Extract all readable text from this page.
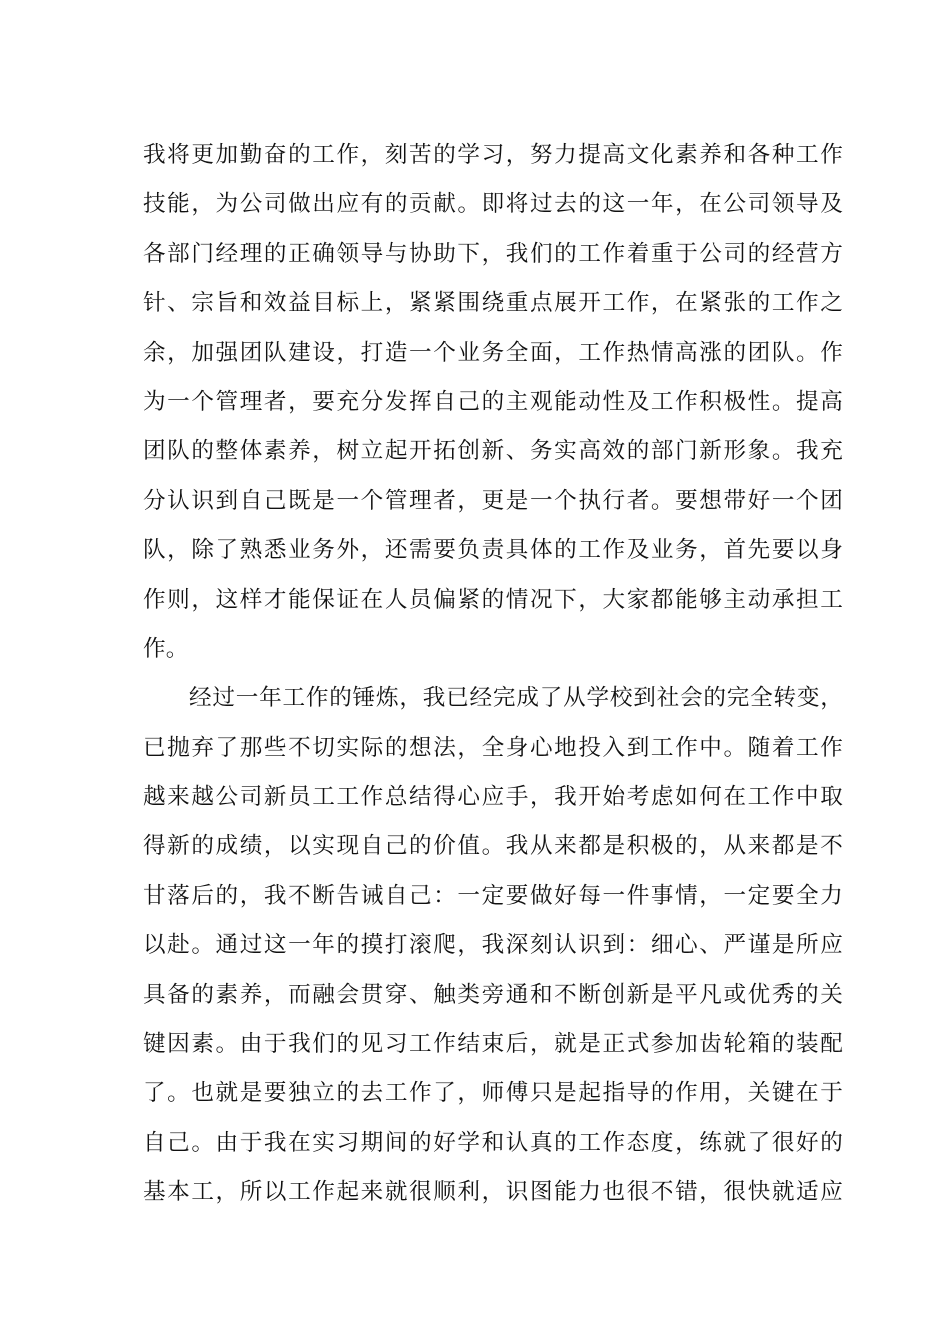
我将更加勤奋的工作，刻苦的学习，努力提高文化素养和各种工作
技能，为公司做出应有的贡献。即将过去的这一年，在公司领导及
各部门经理的正确领导与协助下，我们的工作着重于公司的经营方
针、宗旨和效益目标上，紧紧围绕重点展开工作，在紧张的工作之
余，加强团队建设，打造一个业务全面，工作热情高涨的团队。作
为一个管理者，要充分发挥自己的主观能动性及工作积极性。提高
团队的整体素养，树立起开拓创新、务实高效的部门新形象。我充
分认识到自己既是一个管理者，更是一个执行者。要想带好一个团
队，除了熟悉业务外，还需要负责具体的工作及业务，首先要以身
作则，这样才能保证在人员偏紧的情况下，大家都能够主动承担工
作。
经过一年工作的锤炼，我已经完成了从学校到社会的完全转变，
已抛弃了那些不切实际的想法，全身心地投入到工作中。随着工作
越来越公司新员工工作总结得心应手，我开始考虑如何在工作中取
得新的成绩，以实现自己的价值。我从来都是积极的，从来都是不
甘落后的，我不断告诫自己：一定要做好每一件事情，一定要全力
以赴。通过这一年的摸打滚爬，我深刻认识到：细心、严谨是所应
具备的素养，而融会贯穿、触类旁通和不断创新是平凡或优秀的关
键因素。由于我们的见习工作结束后，就是正式参加齿轮箱的装配
了。也就是要独立的去工作了，师傅只是起指导的作用，关键在于
自己。由于我在实习期间的好学和认真的工作态度，练就了很好的
基本工，所以工作起来就很顺利，识图能力也很不错，很快就适应
